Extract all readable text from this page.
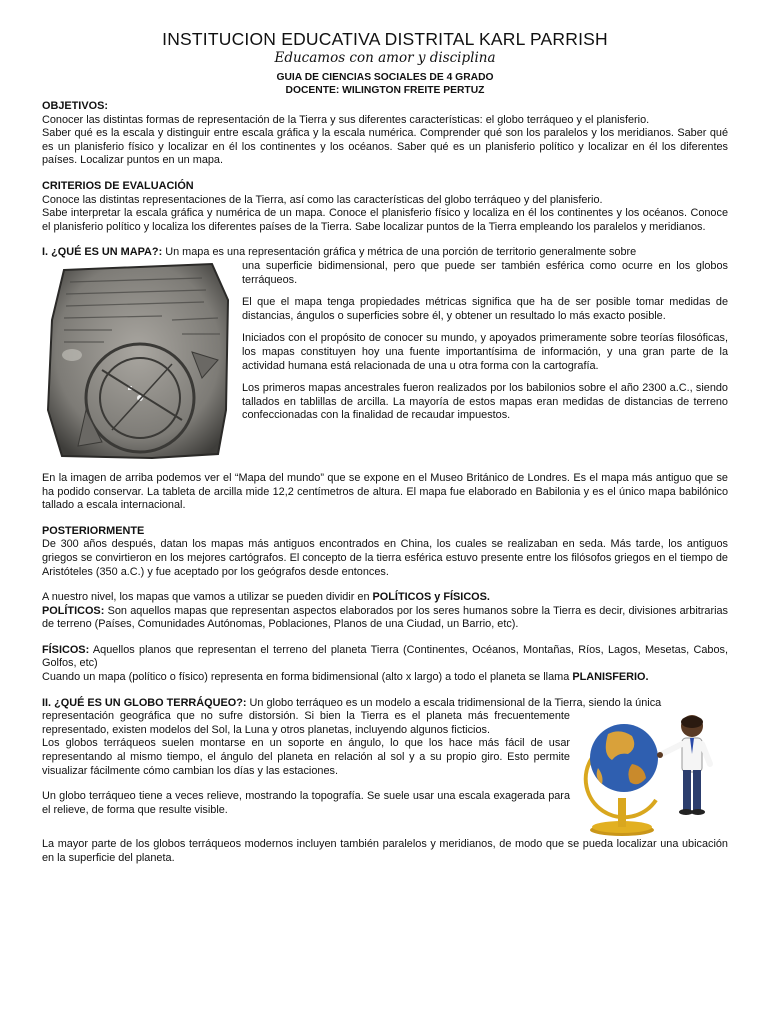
INSTITUCION EDUCATIVA DISTRITAL KARL PARRISH
Educamos con amor y disciplina
GUIA DE CIENCIAS SOCIALES DE 4 GRADO
DOCENTE: WILINGTON FREITE PERTUZ
OBJETIVOS:

Conocer las distintas formas de representación de la Tierra y sus diferentes características: el globo terráqueo y el planisferio.

Saber qué es la escala y distinguir entre escala gráfica y la escala numérica. Comprender qué son los paralelos y los meridianos. Saber qué es un planisferio físico y localizar en él los continentes y los océanos. Saber qué es un planisferio político y localizar en él los diferentes países. Localizar puntos en un mapa.

CRITERIOS DE EVALUACIÓN

Conoce las distintas representaciones de la Tierra, así como las características del globo terráqueo y del planisferio.

Sabe interpretar la escala gráfica y numérica de un mapa. Conoce el planisferio físico y localiza en él los continentes y los océanos. Conoce el planisferio político y localiza los diferentes países de la Tierra. Sabe localizar puntos de la Tierra empleando los paralelos y meridianos.

I. ¿QUÉ ES UN MAPA?: Un mapa es una representación gráfica y métrica de una porción de territorio generalmente sobre

una superficie bidimensional, pero que puede ser también esférica como ocurre en los globos terráqueos.

El que el mapa tenga propiedades métricas significa que ha de ser posible tomar medidas de distancias, ángulos o superficies sobre él, y obtener un resultado lo más exacto posible.

Iniciados con el propósito de conocer su mundo, y apoyados primeramente sobre teorías filosóficas, los mapas constituyen hoy una fuente importantísima de información, y una gran parte de la actividad humana está relacionada de una u otra forma con la cartografía.

Los primeros mapas ancestrales fueron realizados por los babilonios sobre el año 2300 a.C., siendo tallados en tablillas de arcilla. La mayoría de estos mapas eran medidas de distancias de terreno confeccionadas con la finalidad de recaudar impuestos.

En la imagen de arriba podemos ver el “Mapa del mundo” que se expone en el Museo Británico de Londres. Es el mapa más antiguo que se ha podido conservar. La tableta de arcilla mide 12,2 centímetros de altura. El mapa fue elaborado en Babilonia y es el único mapa babilónico tallado a escala internacional.

POSTERIORMENTE

De 300 años después, datan los mapas más antiguos encontrados en China, los cuales se realizaban en seda. Más tarde, los antiguos griegos se convirtieron en los mejores cartógrafos. El concepto de la tierra esférica estuvo presente entre los filósofos griegos en el tiempo de Aristóteles (350 a.C.) y fue aceptado por los geógrafos desde entonces.

A nuestro nivel, los mapas que vamos a utilizar se pueden dividir en POLÍTICOS y FÍSICOS.

POLÍTICOS: Son aquellos mapas que representan aspectos elaborados por los seres humanos sobre la Tierra es decir, divisiones arbitrarias de terreno (Países, Comunidades Autónomas, Poblaciones, Planos de una Ciudad, un Barrio, etc).

FÍSICOS: Aquellos planos que representan el terreno del planeta Tierra (Continentes, Océanos, Montañas, Ríos, Lagos, Mesetas, Cabos, Golfos, etc)

Cuando un mapa (político o físico) representa en forma bidimensional (alto x largo) a todo el planeta se llama PLANISFERIO.

II. ¿QUÉ ES UN GLOBO TERRÁQUEO?: Un globo terráqueo es un modelo a escala tridimensional de la Tierra, siendo la única

representación geográfica que no sufre distorsión. Si bien la Tierra es el planeta más frecuentemente representado, existen modelos del Sol, la Luna y otros planetas, incluyendo algunos ficticios.

Los globos terráqueos suelen montarse en un soporte en ángulo, lo que los hace más fácil de usar representando al mismo tiempo, el ángulo del planeta en relación al sol y a su propio giro. Esto permite visualizar fácilmente cómo cambian los días y las estaciones.

Un globo terráqueo tiene a veces relieve, mostrando la topografía. Se suele usar una escala exagerada para el relieve, de forma que resulte visible.

La mayor parte de los globos terráqueos modernos incluyen también paralelos y meridianos, de modo que se pueda localizar una ubicación en la superficie del planeta.
